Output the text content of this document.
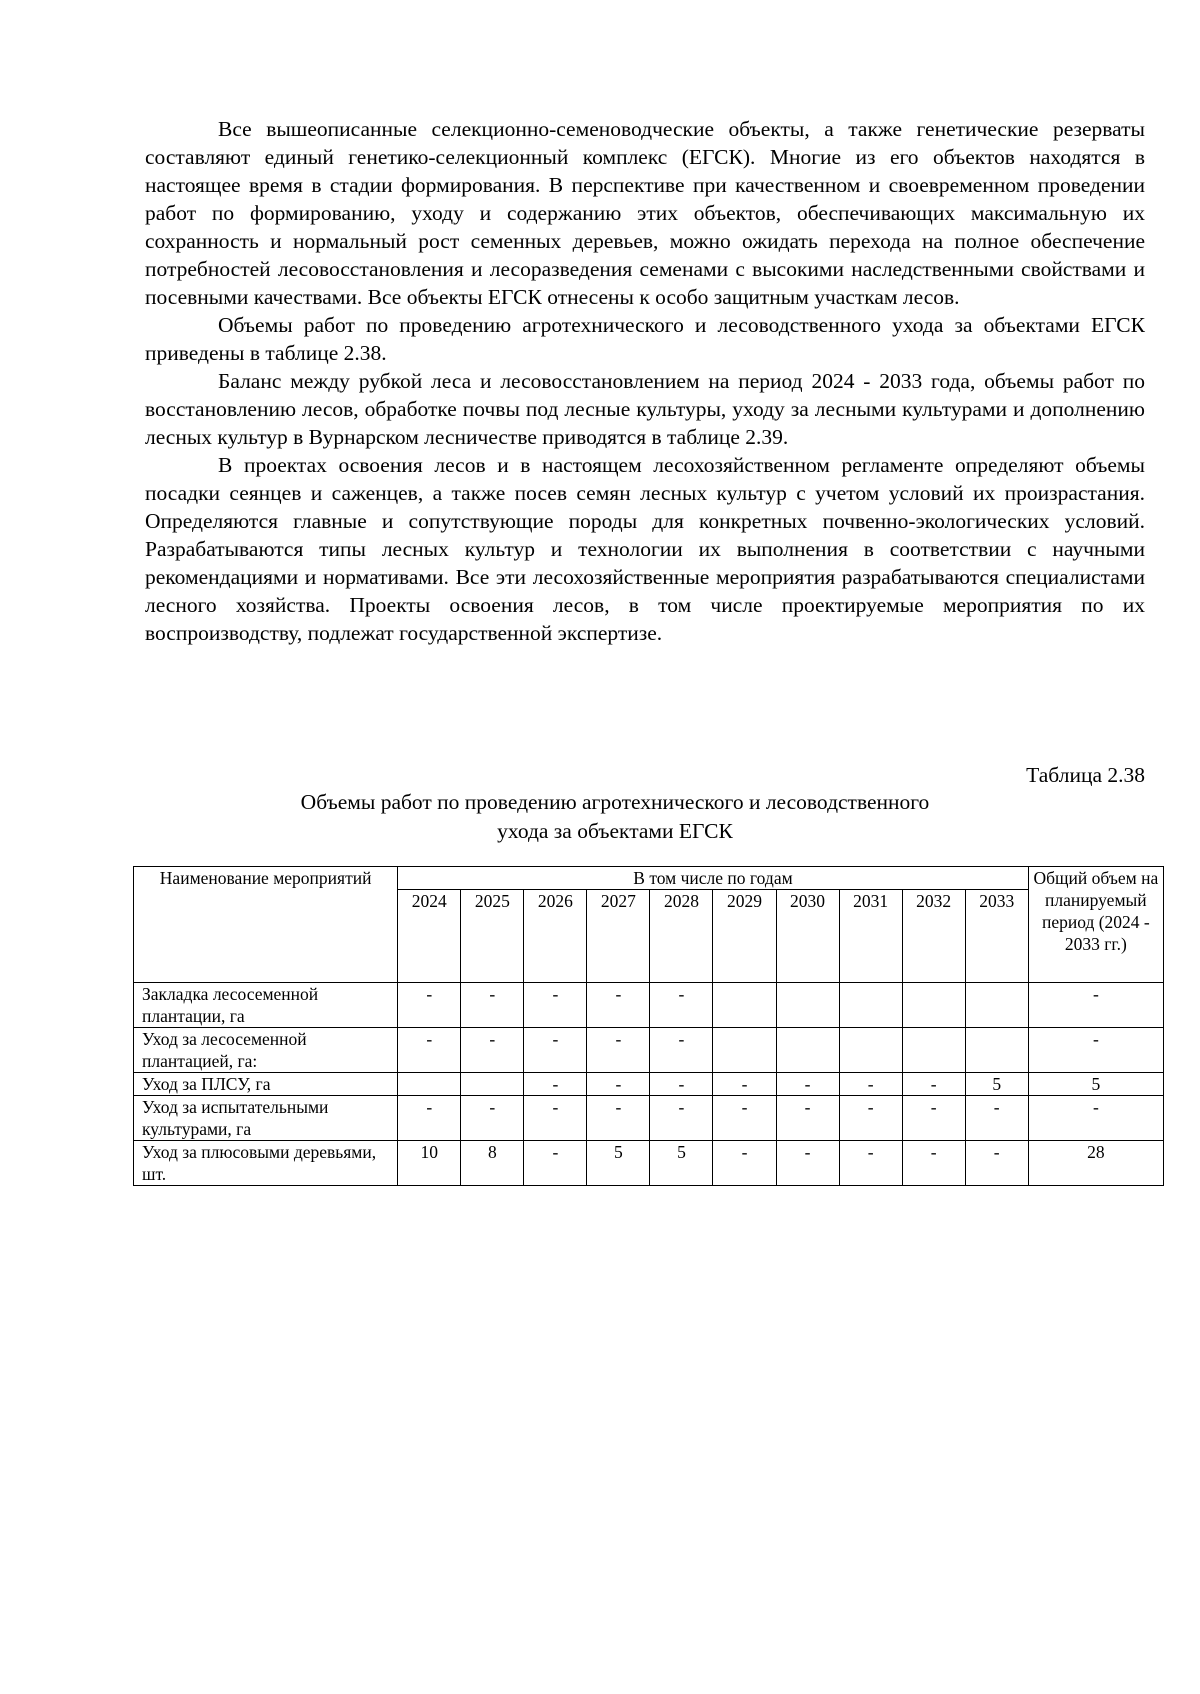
Все вышеописанные селекционно-семеноводческие объекты, а также генетические резерваты составляют единый генетико-селекционный комплекс (ЕГСК). Многие из его объектов находятся в настоящее время в стадии формирования. В перспективе при качественном и своевременном проведении работ по формированию, уходу и содержанию этих объектов, обеспечивающих максимальную их сохранность и нормальный рост семенных деревьев, можно ожидать перехода на полное обеспечение потребностей лесовосстановления и лесоразведения семенами с высокими наследственными свойствами и посевными качествами. Все объекты ЕГСК отнесены к особо защитным участкам лесов.

Объемы работ по проведению агротехнического и лесоводственного ухода за объектами ЕГСК приведены в таблице 2.38.

Баланс между рубкой леса и лесовосстановлением на период 2024 - 2033 года, объемы работ по восстановлению лесов, обработке почвы под лесные культуры, уходу за лесными культурами и дополнению лесных культур в Вурнарском лесничестве приводятся в таблице 2.39.

В проектах освоения лесов и в настоящем лесохозяйственном регламенте определяют объемы посадки сеянцев и саженцев, а также посев семян лесных культур с учетом условий их произрастания. Определяются главные и сопутствующие породы для конкретных почвенно-экологических условий. Разрабатываются типы лесных культур и технологии их выполнения в соответствии с научными рекомендациями и нормативами. Все эти лесохозяйственные мероприятия разрабатываются специалистами лесного хозяйства. Проекты освоения лесов, в том числе проектируемые мероприятия по их воспроизводству, подлежат государственной экспертизе.

Таблица 2.38

Объемы работ по проведению агротехнического и лесоводственного
ухода за объектами ЕГСК

Наименование мероприятий	В том числе по годам										Общий объем на планируемый период (2024 - 2033 гг.)
	2024	2025	2026	2027	2028	2029	2030	2031	2032	2033	
Закладка лесосеменной плантации, га	-	-	-	-	-						-
Уход за лесосеменной плантацией, га:	-	-	-	-	-						-
Уход за ПЛСУ, га			-	-	-	-	-	-	-	5	5
Уход за испытательными культурами, га	-	-	-	-	-	-	-	-	-	-	-
Уход за плюсовыми деревьями, шт.	10	8	-	5	5	-	-	-	-	-	28
